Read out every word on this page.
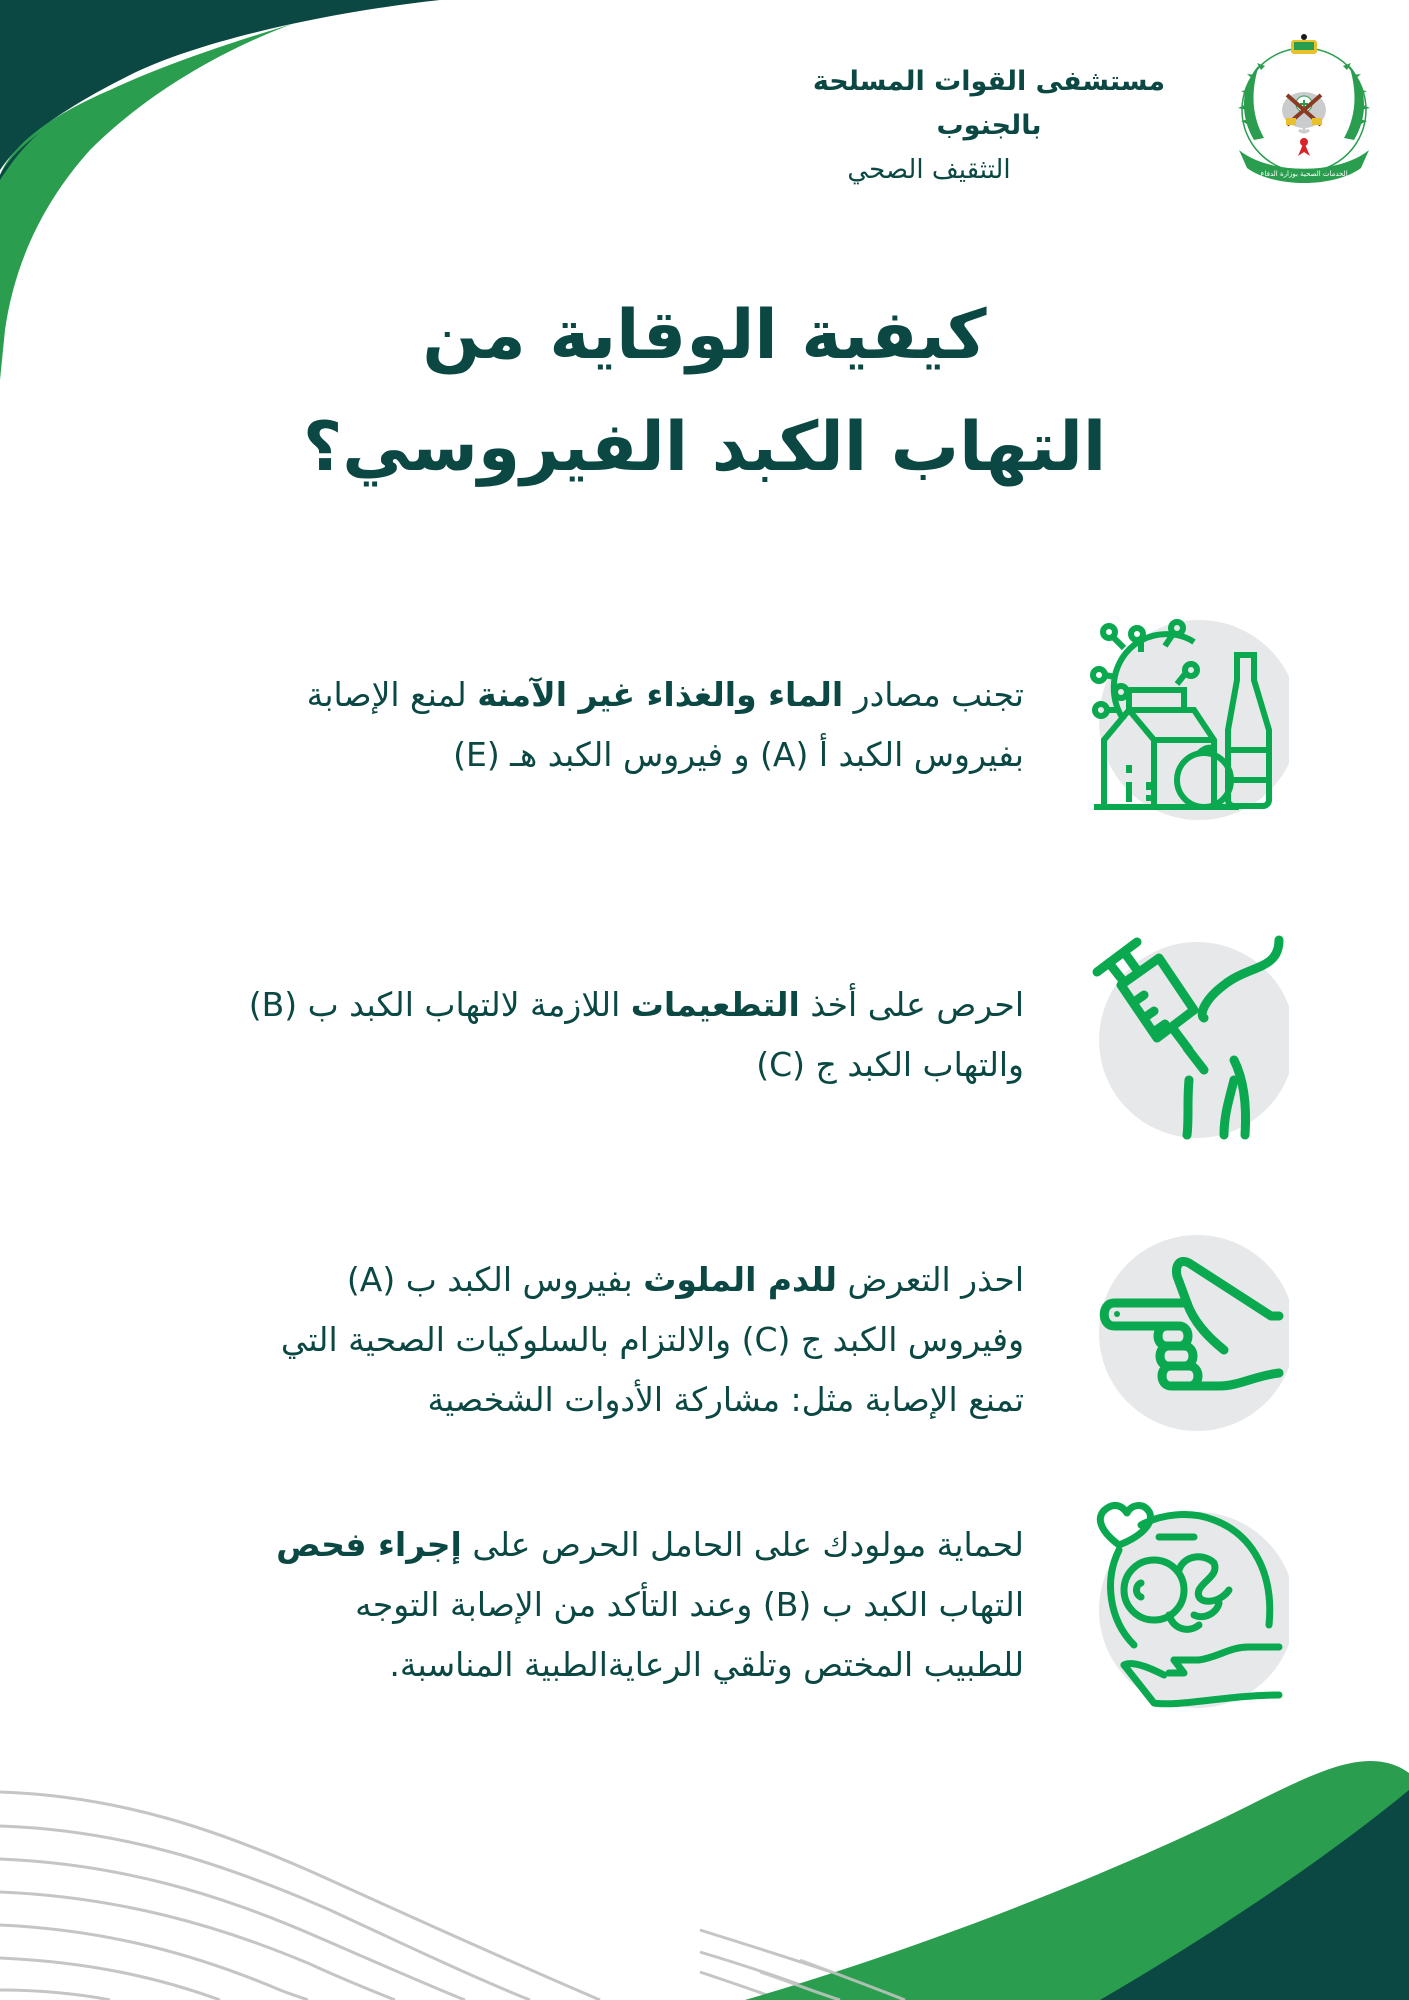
الخدمات الصحية بوزارة الدفاع
مستشفى القوات المسلحة بالجنوب
التثقيف الصحي
كيفية الوقاية من
التهاب الكبد الفيروسي؟
تجنب مصادر الماء والغذاء غير الآمنة لمنع الإصابة
بفيروس الكبد أ (A) و فيروس الكبد هـ (E)
احرص على أخذ التطعيمات اللازمة لالتهاب الكبد ب (B)
والتهاب الكبد ج (C)
احذر التعرض للدم الملوث بفيروس الكبد ب (A)
وفيروس الكبد ج (C) والالتزام بالسلوكيات الصحية التي
تمنع الإصابة مثل: مشاركة الأدوات الشخصية
لحماية مولودك على الحامل الحرص على إجراء فحص
التهاب الكبد ب (B) وعند التأكد من الإصابة التوجه
للطبيب المختص وتلقي الرعايةالطبية المناسبة.
